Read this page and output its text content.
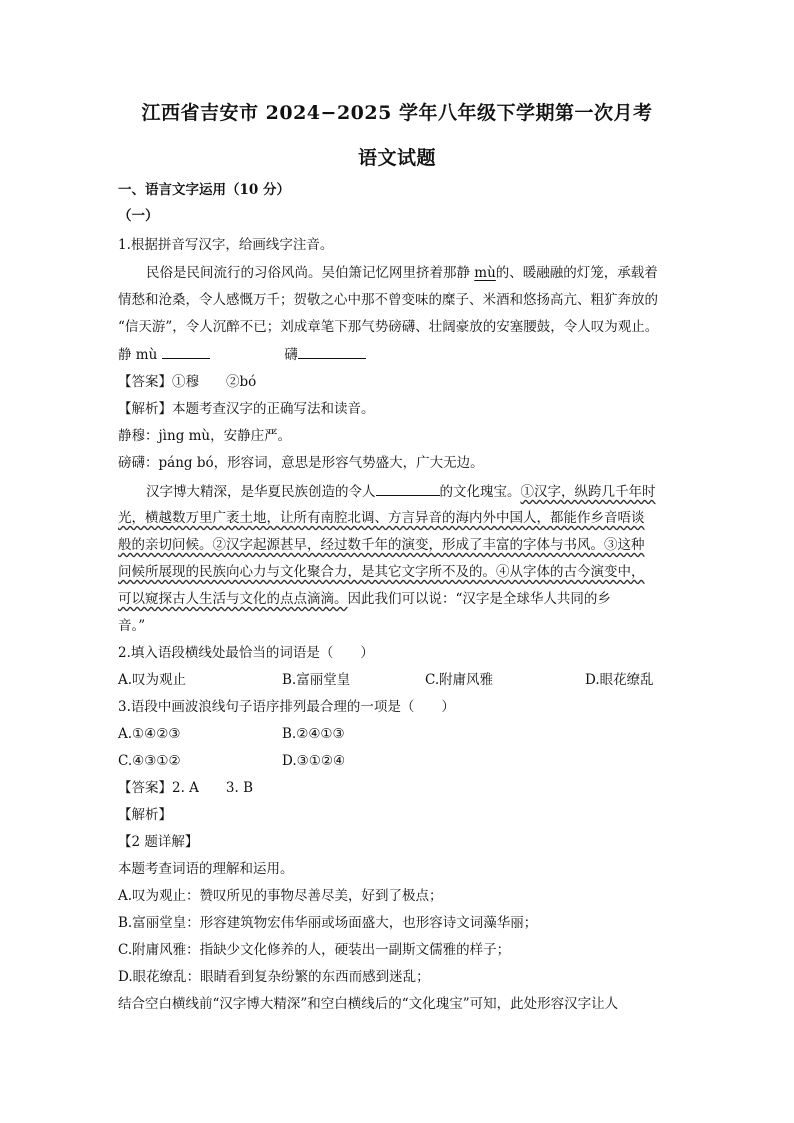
江西省吉安市 2024−2025 学年八年级下学期第一次月考
语文试题
一、语言文字运用（10 分）
（一）
1.根据拼音写汉字，给画线字注音。
民俗是民间流行的习俗风尚。吴伯箫记忆网里挤着那静 mù的、暖融融的灯笼，承载着
情愁和沧桑，令人感慨万千；贺敬之心中那不曾变味的糜子、米酒和悠扬高亢、粗犷奔放的
“信天游”，令人沉醉不已；刘成章笔下那气势磅礴、壮阔豪放的安塞腰鼓，令人叹为观止。
静 mù	礴
【答案】①穆　　②bó
【解析】本题考查汉字的正确写法和读音。
静穆：jìng mù，安静庄严。
磅礴：páng bó，形容词，意思是形容气势盛大，广大无边。
汉字博大精深，是华夏民族创造的令人	的文化瑰宝。①汉字，纵跨几千年时
光，横越数万里广袤土地，让所有南腔北调、方言异音的海内外中国人，都能作乡音唔谈
般的亲切问候。②汉字起源甚早，经过数千年的演变，形成了丰富的字体与书风。③这种
问候所展现的民族向心力与文化聚合力，是其它文字所不及的。④从字体的古今演变中，
可以窥探古人生活与文化的点点滴滴。因此我们可以说：“汉字是全球华人共同的乡
音。”
2.填入语段横线处最恰当的词语是（　　）
A.叹为观止	B.富丽堂皇	C.附庸风雅	D.眼花缭乱
3.语段中画波浪线句子语序排列最合理的一项是（　　）
A.①④②③	B.②④①③
C.④③①②	D.③①②④
【答案】2. A　　3. B
【解析】
【2 题详解】
本题考查词语的理解和运用。
A.叹为观止：赞叹所见的事物尽善尽美，好到了极点；
B.富丽堂皇：形容建筑物宏伟华丽或场面盛大，也形容诗文词藻华丽；
C.附庸风雅：指缺少文化修养的人，硬装出一副斯文儒雅的样子；
D.眼花缭乱：眼睛看到复杂纷繁的东西而感到迷乱；
结合空白横线前“汉字博大精深”和空白横线后的“文化瑰宝”可知，此处形容汉字让人
